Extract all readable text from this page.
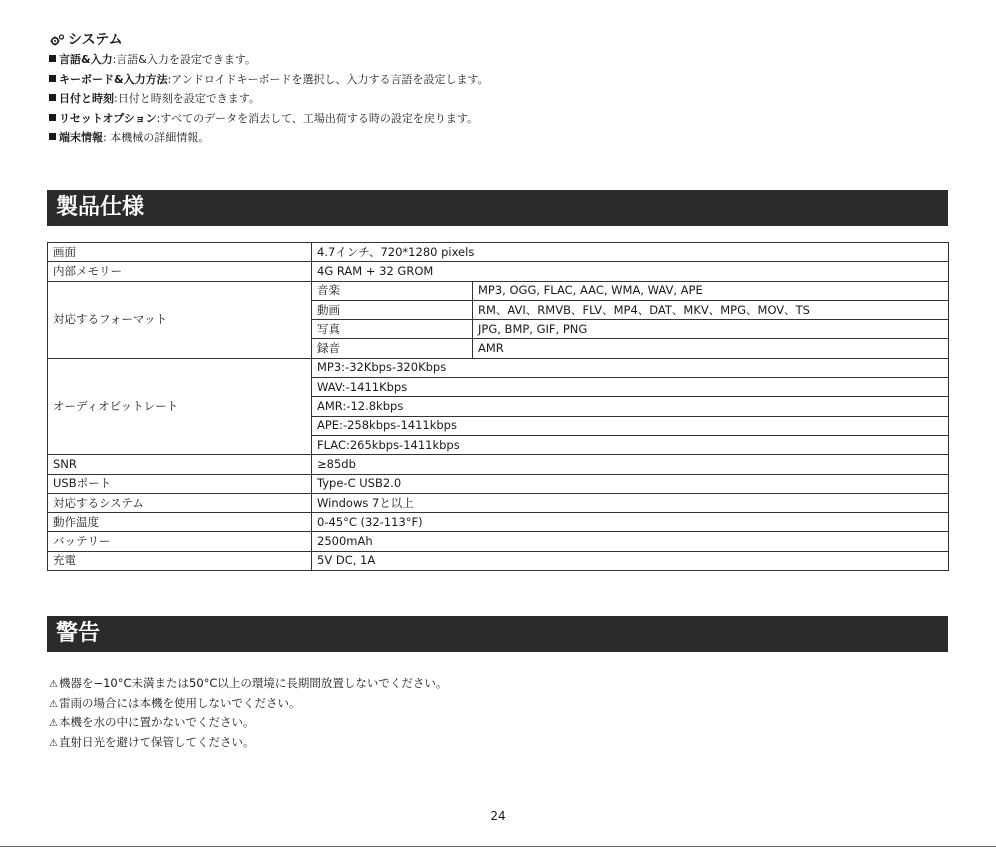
システム
言語&入力:言語&入力を設定できます。
キーボード&入力方法:アンドロイドキーボードを選択し、入力する言語を設定します。
日付と時刻:日付と時刻を設定できます。
リセットオプション:すべてのデータを消去して、工場出荷する時の設定を戻ります。
端末情報: 本機械の詳細情報。
製品仕様
画面	4.7インチ、720*1280 pixels	
内部メモリー	4G RAM + 32 GROM	
対応するフォーマット	音楽	MP3, OGG, FLAC, AAC, WMA, WAV, APE
	動画	RM、AVI、RMVB、FLV、MP4、DAT、MKV、MPG、MOV、TS
	写真	JPG, BMP, GIF, PNG
	録音	AMR
オーディオビットレート	MP3:-32Kbps-320Kbps	
	WAV:-1411Kbps	
	AMR:-12.8kbps	
	APE:-258kbps-1411kbps	
	FLAC:265kbps-1411kbps	
SNR	≥85db	
USBポート	Type-C USB2.0	
対応するシステム	Windows 7と以上	
動作温度	0-45°C (32-113°F)	
バッテリー	2500mAh	
充電	5V DC, 1A	
警告
⚠機器を−10°C未満または50°C以上の環境に長期間放置しないでください。
⚠雷雨の場合には本機を使用しないでください。
⚠本機を水の中に置かないでください。
⚠直射日光を避けて保管してください。
24
